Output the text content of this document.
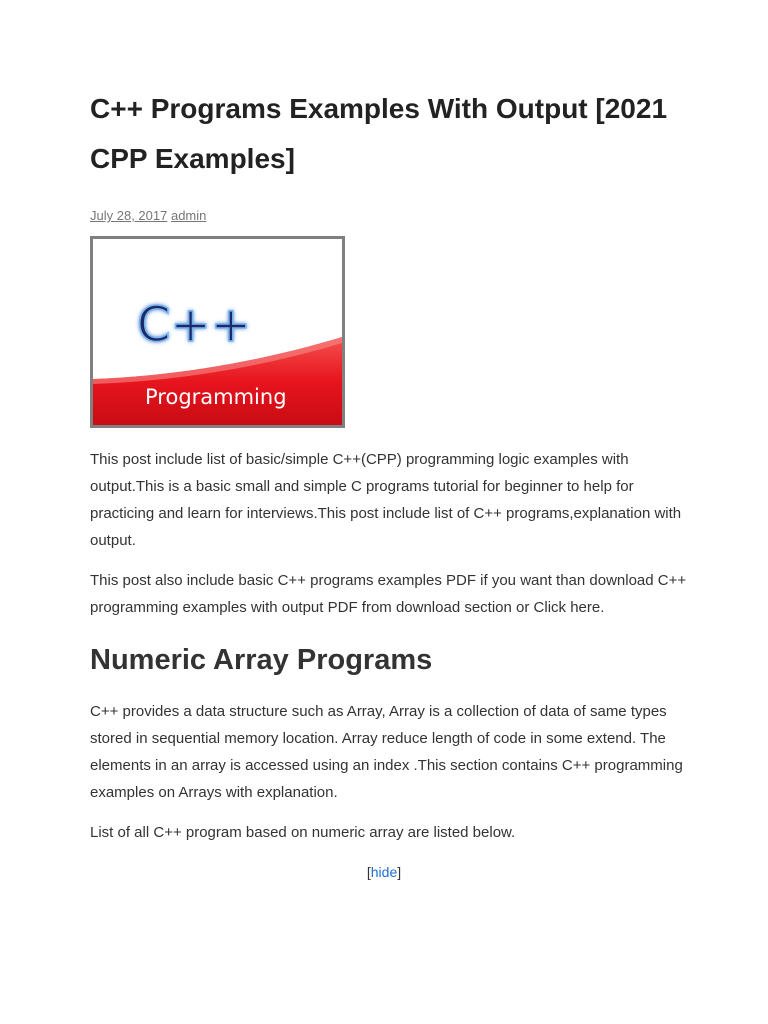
C++ Programs Examples With Output [2021 CPP Examples]
July 28, 2017 admin
C++
Programming

This post include list of basic/simple C++(CPP) programming logic examples with output.This is a basic small and simple C programs tutorial for beginner to help for practicing and learn for interviews.This post include list of C++ programs,explanation with output.

This post also include basic C++ programs examples PDF if you want than download C++ programming examples with output PDF from download section or Click here.

Numeric Array Programs

C++ provides a data structure such as Array, Array is a collection of data of same types stored in sequential memory location. Array reduce length of code in some extend. The elements in an array is accessed using an index .This section contains C++ programming examples on Arrays with explanation.

List of all C++ program based on numeric array are listed below.

[hide]
